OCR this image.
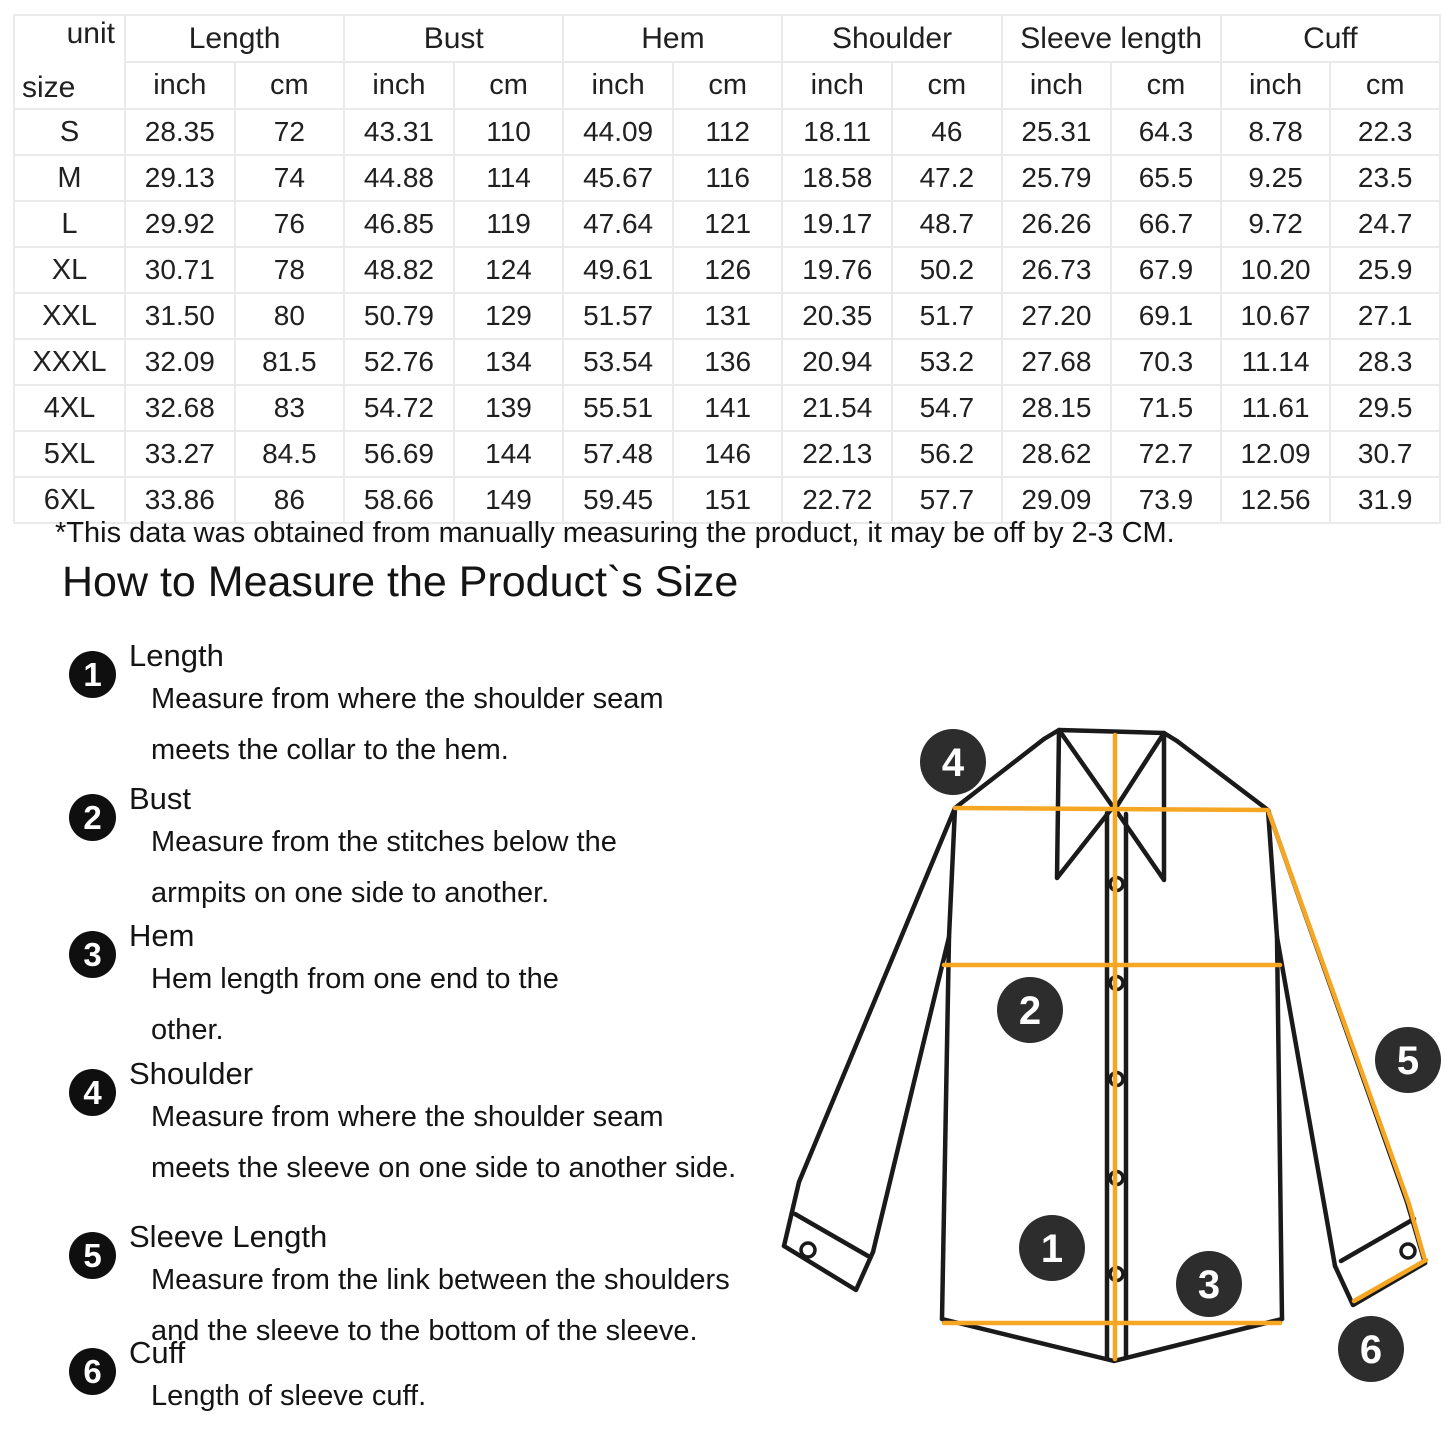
unit
size	Length		Bust		Hem		Shoulder		Sleeve length		Cuff	
	inch	cm	inch	cm	inch	cm	inch	cm	inch	cm	inch	cm
S	28.35	72	43.31	110	44.09	112	18.11	46	25.31	64.3	8.78	22.3
M	29.13	74	44.88	114	45.67	116	18.58	47.2	25.79	65.5	9.25	23.5
L	29.92	76	46.85	119	47.64	121	19.17	48.7	26.26	66.7	9.72	24.7
XL	30.71	78	48.82	124	49.61	126	19.76	50.2	26.73	67.9	10.20	25.9
XXL	31.50	80	50.79	129	51.57	131	20.35	51.7	27.20	69.1	10.67	27.1
XXXL	32.09	81.5	52.76	134	53.54	136	20.94	53.2	27.68	70.3	11.14	28.3
4XL	32.68	83	54.72	139	55.51	141	21.54	54.7	28.15	71.5	11.61	29.5
5XL	33.27	84.5	56.69	144	57.48	146	22.13	56.2	28.62	72.7	12.09	30.7
6XL	33.86	86	58.66	149	59.45	151	22.72	57.7	29.09	73.9	12.56	31.9
*This data was obtained from manually measuring the product, it may be off by 2-3 CM.
How to Measure the Product`s Size
1 Length
Measure from where the shoulder seam
meets the collar to the hem.
2 Bust
Measure from the stitches below the
armpits on one side to another.
3 Hem
Hem length from one end to the
other.
4 Shoulder
Measure from where the shoulder seam
meets the sleeve on one side to another side.
5 Sleeve Length
Measure from the link between the shoulders
and the sleeve to the bottom of the sleeve.
6 Cuff
Length of sleeve cuff.
1
2
3
4
5
6
